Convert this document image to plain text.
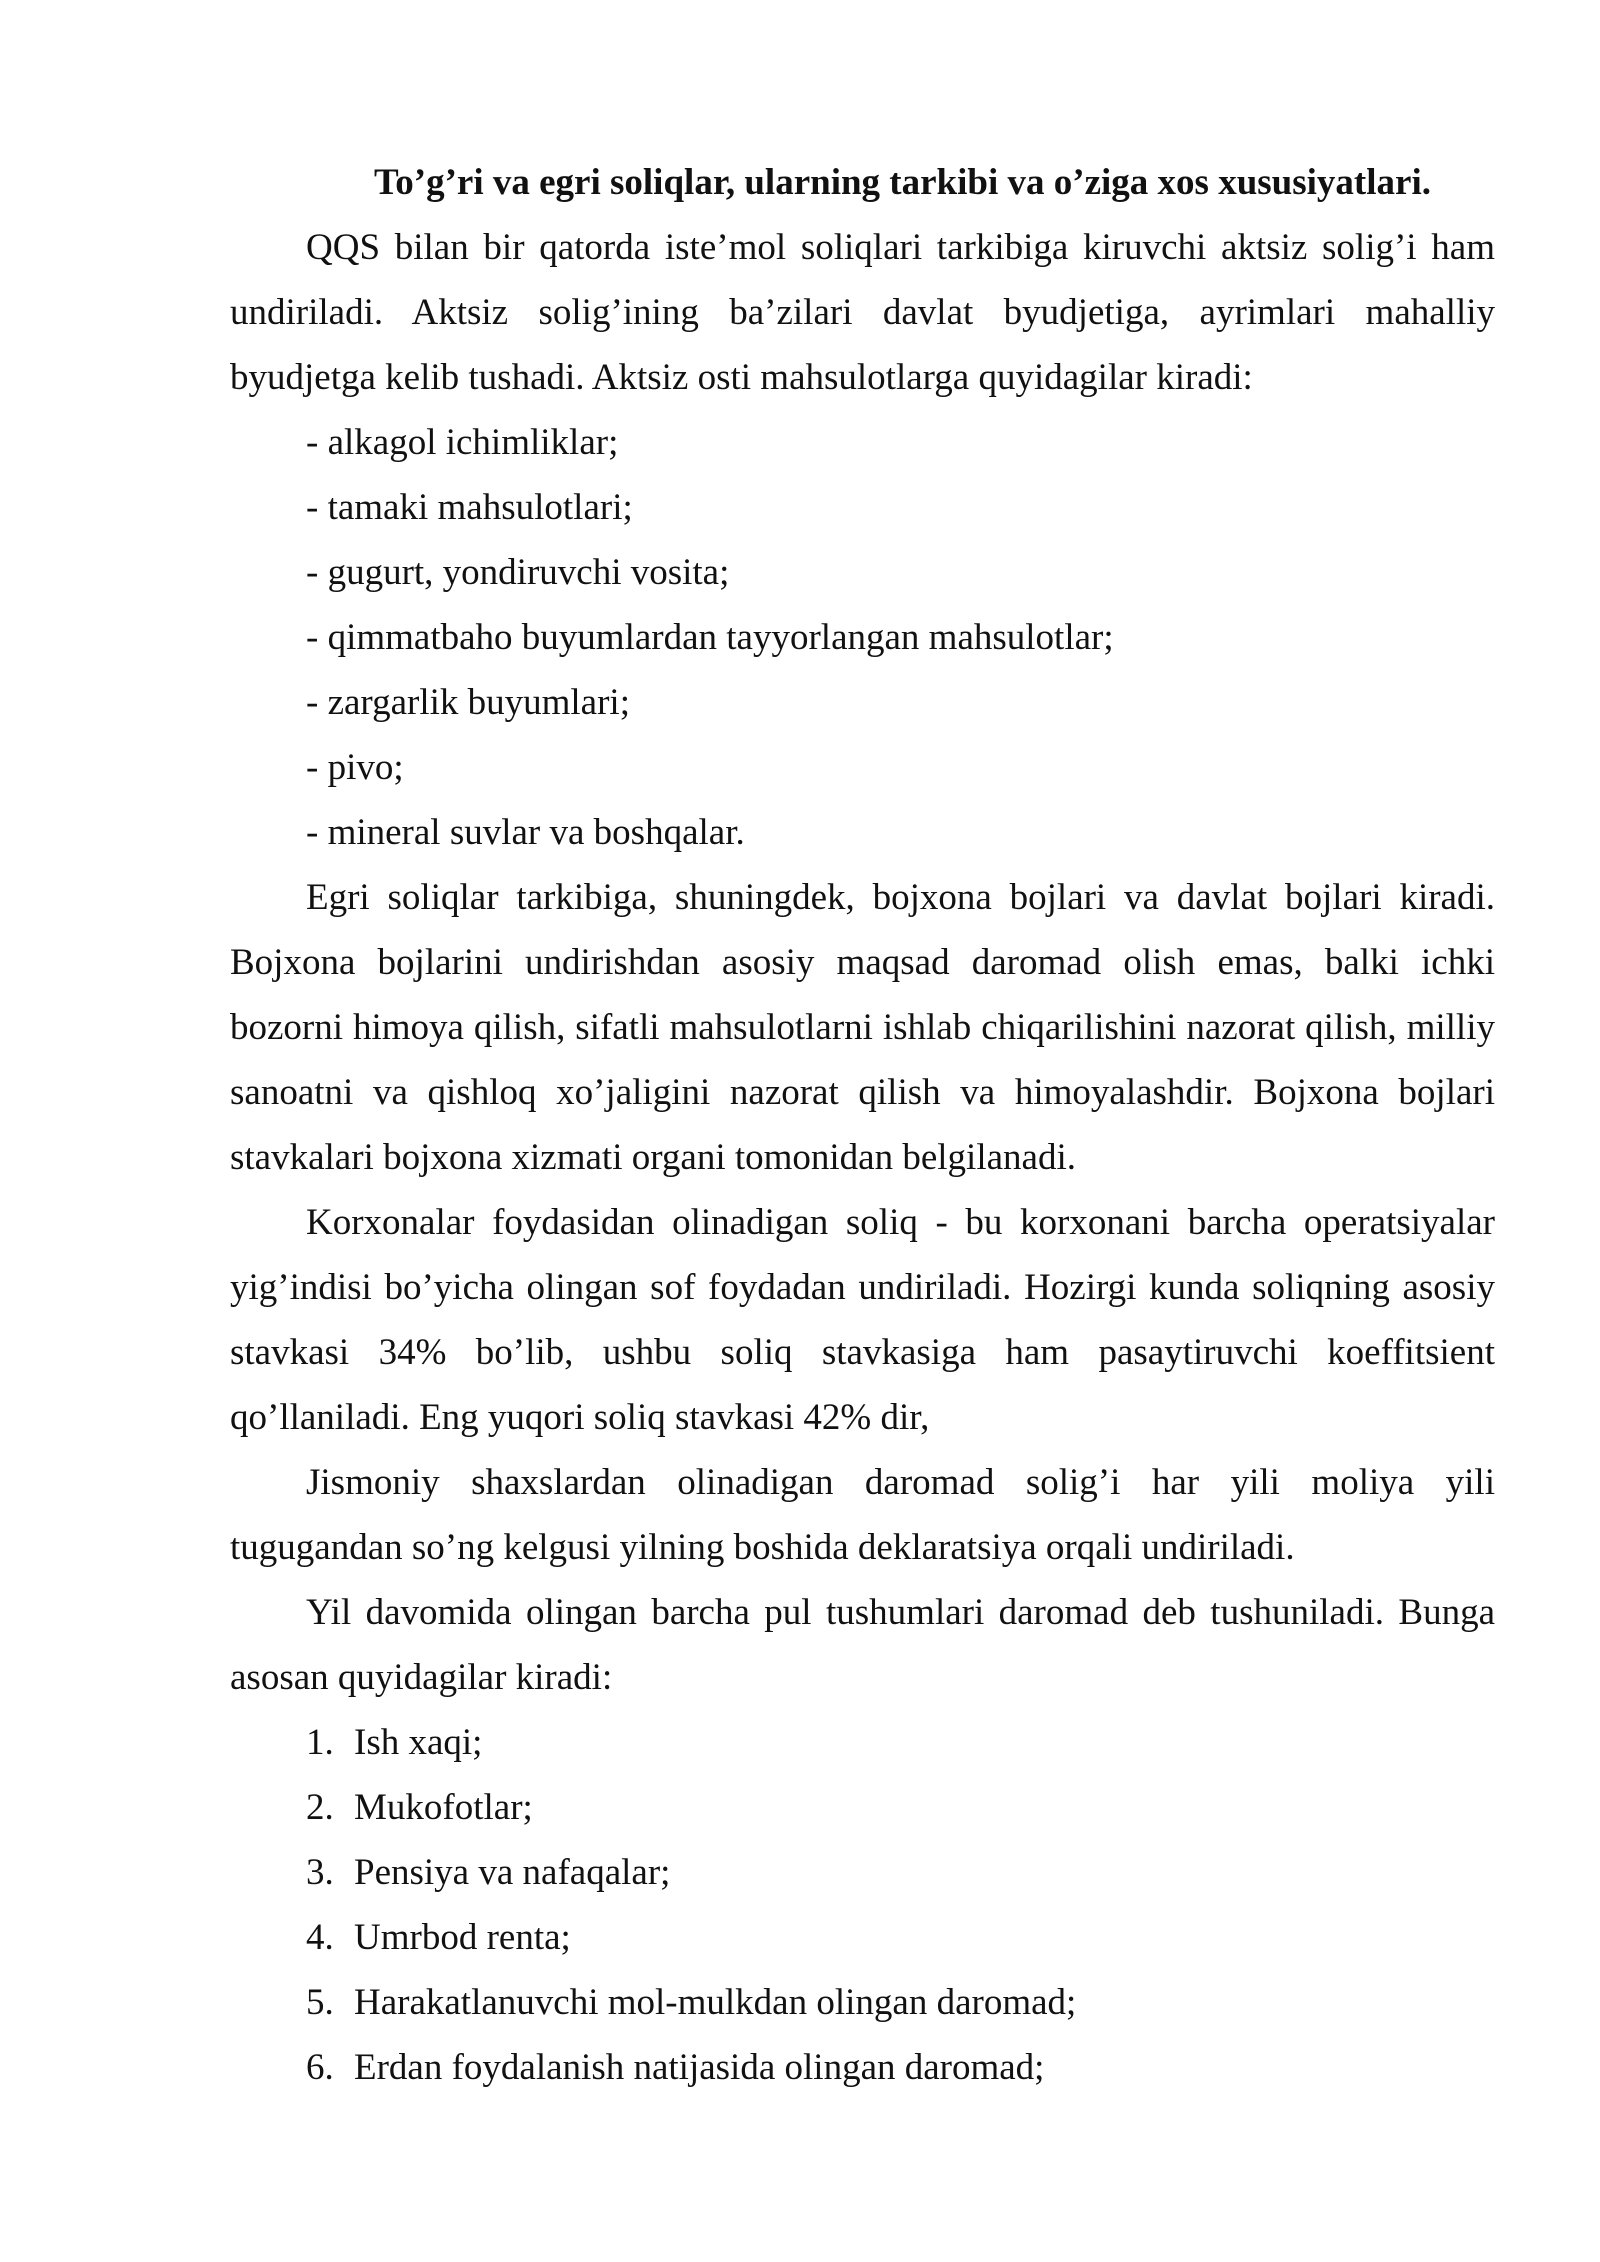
To’g’ri va egri soliqlar, ularning tarkibi va o’ziga xos xususiyatlari.

QQS bilan bir qatorda iste’mol soliqlari tarkibiga kiruvchi aktsiz solig’i ham undiriladi. Aktsiz solig’ining ba’zilari davlat byudjetiga, ayrimlari mahalliy byudjetga kelib tushadi. Aktsiz osti mahsulotlarga quyidagilar kiradi:

- alkagol ichimliklar;
- tamaki mahsulotlari;
- gugurt, yondiruvchi vosita;
- qimmatbaho buyumlardan tayyorlangan mahsulotlar;
- zargarlik buyumlari;
- pivo;
- mineral suvlar va boshqalar.

Egri soliqlar tarkibiga, shuningdek, bojxona bojlari va davlat bojlari kiradi. Bojxona bojlarini undirishdan asosiy maqsad daromad olish emas, balki ichki bozorni himoya qilish, sifatli mahsulotlarni ishlab chiqarilishini nazorat qilish, milliy sanoatni va qishloq xo’jaligini nazorat qilish va himoyalashdir. Bojxona bojlari stavkalari bojxona xizmati organi tomonidan belgilanadi.

Korxonalar foydasidan olinadigan soliq - bu korxonani barcha operatsiyalar yig’indisi bo’yicha olingan sof foydadan undiriladi. Hozirgi kunda soliqning asosiy stavkasi 34% bo’lib, ushbu soliq stavkasiga ham pasaytiruvchi koeffitsient qo’llaniladi. Eng yuqori soliq stavkasi 42% dir,

Jismoniy shaxslardan olinadigan daromad solig’i har yili moliya yili tugugandan so’ng kelgusi yilning boshida deklaratsiya orqali undiriladi.

Yil davomida olingan barcha pul tushumlari daromad deb tushuniladi. Bunga asosan quyidagilar kiradi:

1. Ish xaqi;
2. Mukofotlar;
3. Pensiya va nafaqalar;
4. Umrbod renta;
5. Harakatlanuvchi mol-mulkdan olingan daromad;
6. Erdan foydalanish natijasida olingan daromad;
